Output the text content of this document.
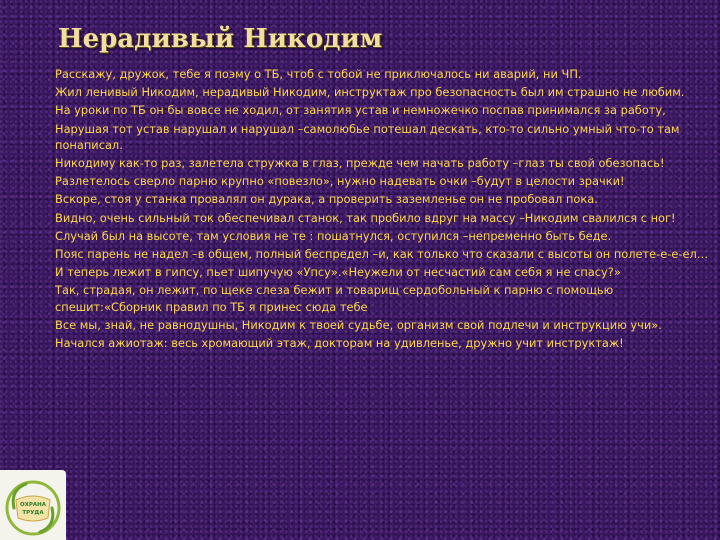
Нерадивый Никодим

Расскажу, дружок, тебе я поэму о ТБ, чтоб с тобой не приключалось ни аварий, ни ЧП.

Жил ленивый Никодим, нерадивый Никодим, инструктаж про безопасность был им страшно не любим.

На уроки по ТБ он бы вовсе не ходил, от занятия устав и немножечко поспав принимался за работу,

Нарушая тот устав нарушал и нарушал –самолюбье потешал дескать, кто-то сильно умный что-то там понаписал.

Никодиму как-то раз, залетела стружка в глаз, прежде чем начать работу –глаз ты свой обезопась!

Разлетелось сверло парню крупно «повезло», нужно надевать очки –будут в целости зрачки!

Вскоре, стоя у станка провалял он дурака, а проверить заземленье он не пробовал пока.

Видно, очень сильный ток обеспечивал станок, так пробило вдруг на массу –Никодим свалился с ног!

Случай был на высоте, там условия не те : пошатнулся, оступился –непременно быть беде.

Пояс парень не надел –в общем, полный беспредел –и, как только что сказали с высоты он полете-е-е-ел…

И теперь лежит в гипсу, пьет шипучую «Упсу».«Неужели от несчастий сам себя я не спасу?»

Так, страдая, он лежит, по щеке слеза бежит и товарищ сердобольный к парню с помощью спешит:«Сборник правил по ТБ я принес сюда тебе

Все мы, знай, не равнодушны, Никодим к твоей судьбе, организм свой подлечи и инструкцию учи».

Начался ажиотаж: весь хромающий этаж, докторам на удивленье, дружно учит инструктаж!

ОХРАНА
ТРУДА
